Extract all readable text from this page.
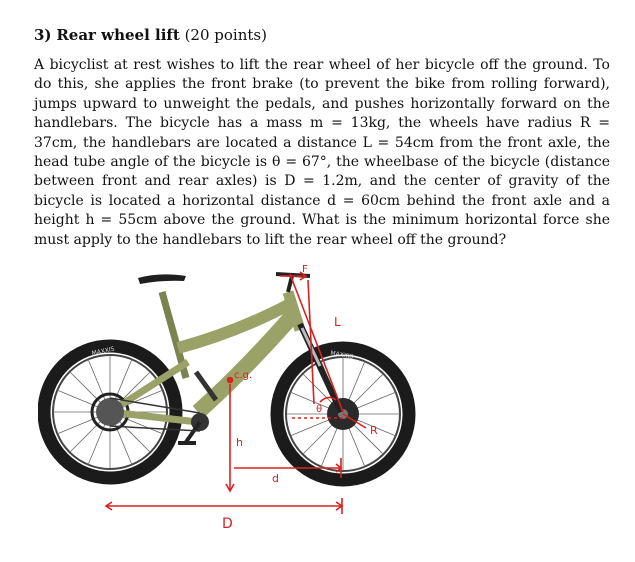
3) Rear wheel lift (20 points)

A bicyclist at rest wishes to lift the rear wheel of her bicycle off the ground. To do this, she applies the front brake (to prevent the bike from rolling forward), jumps upward to unweight the pedals, and pushes horizontally forward on the handlebars. The bicycle has a mass m = 13kg, the wheels have radius R = 37cm, the handlebars are located a distance L = 54cm from the front axle, the head tube angle of the bicycle is θ = 67°, the wheelbase of the bicycle (distance between front and rear axles) is D = 1.2m, and the center of gravity of the bicycle is located a horizontal distance d = 60cm behind the front axle and a height h = 55cm above the ground. What is the minimum horizontal force she must apply to the handlebars to lift the rear wheel off the ground?

MAXXIS	MAXXIS
F
L
c.g.
θ
R
h
d
D
